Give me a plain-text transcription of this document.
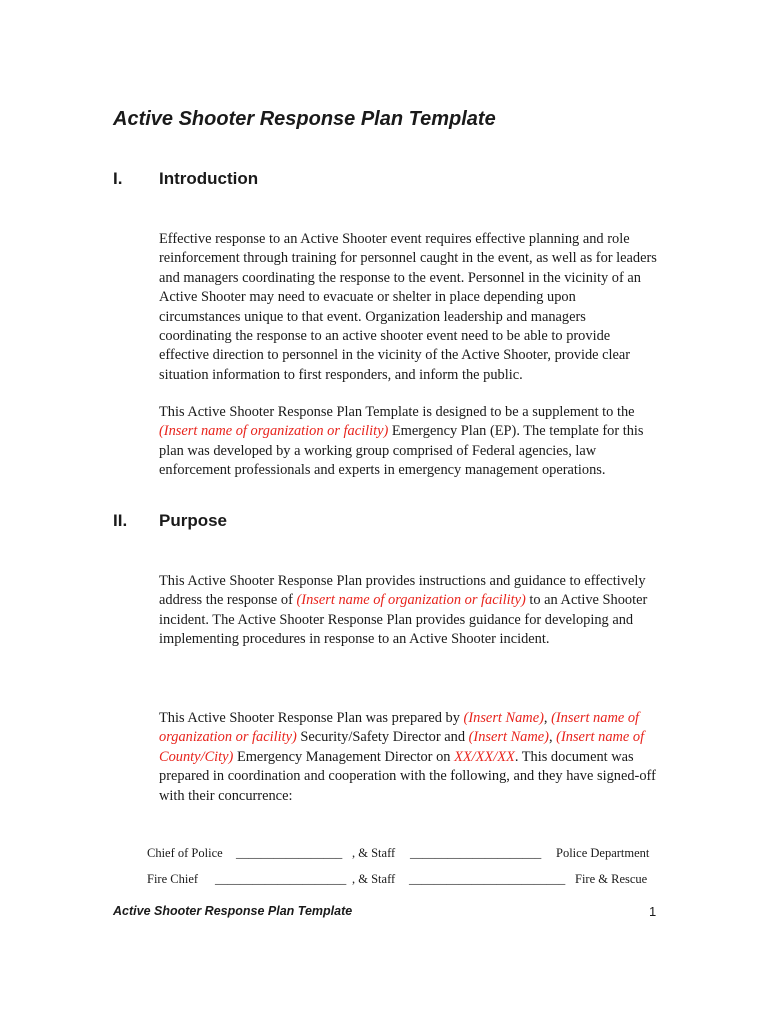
Active Shooter Response Plan Template
I. Introduction

Effective response to an Active Shooter event requires effective planning and role reinforcement through training for personnel caught in the event, as well as for leaders and managers coordinating the response to the event. Personnel in the vicinity of an Active Shooter may need to evacuate or shelter in place depending upon circumstances unique to that event. Organization leadership and managers coordinating the response to an active shooter event need to be able to provide effective direction to personnel in the vicinity of the Active Shooter, provide clear situation information to first responders, and inform the public.

This Active Shooter Response Plan Template is designed to be a supplement to the (Insert name of organization or facility) Emergency Plan (EP). The template for this plan was developed by a working group comprised of Federal agencies, law enforcement professionals and experts in emergency management operations.

II. Purpose

This Active Shooter Response Plan provides instructions and guidance to effectively address the response of (Insert name of organization or facility) to an Active Shooter incident. The Active Shooter Response Plan provides guidance for developing and implementing procedures in response to an Active Shooter incident.

This Active Shooter Response Plan was prepared by (Insert Name), (Insert name of organization or facility) Security/Safety Director and (Insert Name), (Insert name of County/City) Emergency Management Director on XX/XX/XX. This document was prepared in coordination and cooperation with the following, and they have signed-off with their concurrence:

Chief of Police _________________ , & Staff _____________________ Police Department
Fire Chief _____________________ , & Staff _________________________ Fire & Rescue
Active Shooter Response Plan Template	1
